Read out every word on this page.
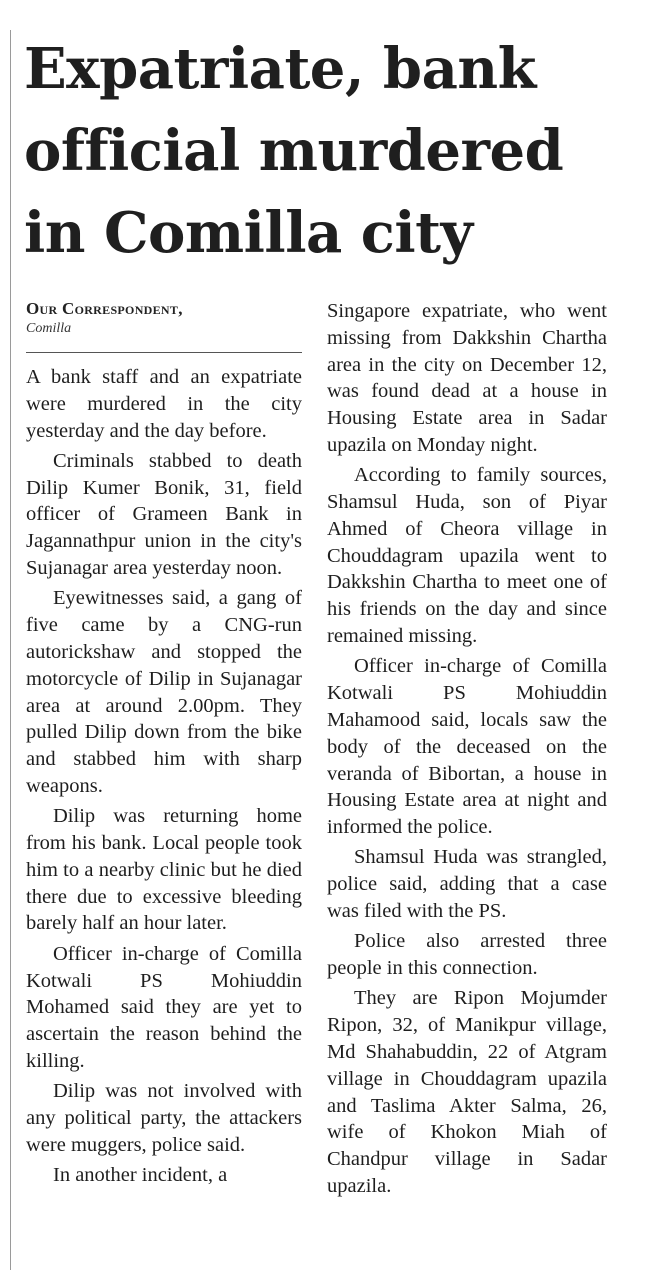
Expatriate, bank
official murdered
in Comilla city
Our Correspondent,
Comilla

A bank staff and an expatriate were murdered in the city yesterday and the day before.

Criminals stabbed to death Dilip Kumer Bonik, 31, field officer of Grameen Bank in Jagannathpur union in the city's Sujanagar area yesterday noon.

Eyewitnesses said, a gang of five came by a CNG-run autorickshaw and stopped the motorcycle of Dilip in Sujanagar area at around 2.00pm. They pulled Dilip down from the bike and stabbed him with sharp weapons.

Dilip was returning home from his bank. Local people took him to a nearby clinic but he died there due to excessive bleeding barely half an hour later.

Officer in-charge of Comilla Kotwali PS Mohiuddin Mohamed said they are yet to ascertain the reason behind the killing.

Dilip was not involved with any political party, the attackers were muggers, police said.

In another incident, a

Singapore expatriate, who went missing from Dakkshin Chartha area in the city on December 12, was found dead at a house in Housing Estate area in Sadar upazila on Monday night.

According to family sources, Shamsul Huda, son of Piyar Ahmed of Cheora village in Chouddagram upazila went to Dakkshin Chartha to meet one of his friends on the day and since remained missing.

Officer in-charge of Comilla Kotwali PS Mohiuddin Mahamood said, locals saw the body of the deceased on the veranda of Bibortan, a house in Housing Estate area at night and informed the police.

Shamsul Huda was strangled, police said, adding that a case was filed with the PS.

Police also arrested three people in this connection.

They are Ripon Mojumder Ripon, 32, of Manikpur village, Md Shahabuddin, 22 of Atgram village in Chouddagram upazila and Taslima Akter Salma, 26, wife of Khokon Miah of Chandpur village in Sadar upazila.
